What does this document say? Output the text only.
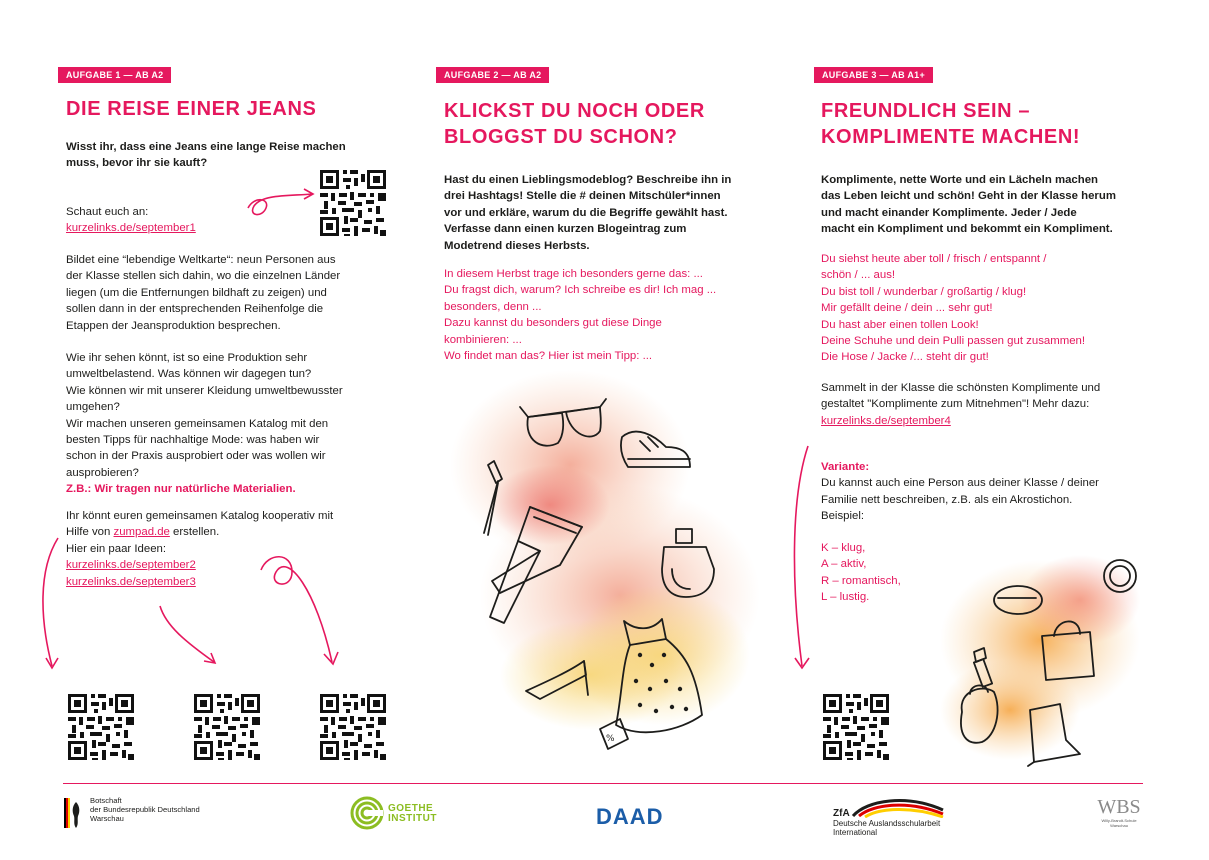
AUFGABE 1 — AB A2
DIE REISE EINER JEANS
Wisst ihr, dass eine Jeans eine lange Reise machen
muss, bevor ihr sie kauft?
Schaut euch an:
kurzelinks.de/september1
Bildet eine “lebendige Weltkarte“: neun Personen aus
der Klasse stellen sich dahin, wo die einzelnen Länder
liegen (um die Entfernungen bildhaft zu zeigen) und
sollen dann in der entsprechenden Reihenfolge die
Etappen der Jeansproduktion besprechen.
Wie ihr sehen könnt, ist so eine Produktion sehr
umweltbelastend. Was können wir dagegen tun?
Wie können wir mit unserer Kleidung umweltbewusster
umgehen?
Wir machen unseren gemeinsamen Katalog mit den
besten Tipps für nachhaltige Mode: was haben wir
schon in der Praxis ausprobiert oder was wollen wir
ausprobieren?
Z.B.: Wir tragen nur natürliche Materialien.
Ihr könnt euren gemeinsamen Katalog kooperativ mit
Hilfe von zumpad.de erstellen.
Hier ein paar Ideen:
kurzelinks.de/september2
kurzelinks.de/september3
AUFGABE 2 — AB A2
KLICKST DU NOCH ODER
BLOGGST DU SCHON?
Hast du einen Lieblingsmodeblog? Beschreibe ihn in
drei Hashtags! Stelle die # deinen Mitschüler*innen
vor und erkläre, warum du die Begriffe gewählt hast.
Verfasse dann einen kurzen Blogeintrag zum
Modetrend dieses Herbsts.
%
In diesem Herbst trage ich besonders gerne das: ...
Du fragst dich, warum? Ich schreibe es dir! Ich mag ...
besonders, denn ...
Dazu kannst du besonders gut diese Dinge
kombinieren: ...
Wo findet man das? Hier ist mein Tipp: ...
AUFGABE 3 — AB A1+
FREUNDLICH SEIN –
KOMPLIMENTE MACHEN!
Komplimente, nette Worte und ein Lächeln machen
das Leben leicht und schön! Geht in der Klasse herum
und macht einander Komplimente. Jeder / Jede
macht ein Kompliment und bekommt ein Kompliment.
Du siehst heute aber toll / frisch / entspannt /
schön / ... aus!
Du bist toll / wunderbar / großartig / klug!
Mir gefällt deine / dein ... sehr gut!
Du hast aber einen tollen Look!
Deine Schuhe und dein Pulli passen gut zusammen!
Die Hose / Jacke /... steht dir gut!
Sammelt in der Klasse die schönsten Komplimente und
gestaltet "Komplimente zum Mitnehmen"! Mehr dazu:
kurzelinks.de/september4
Variante:
Du kannst auch eine Person aus deiner Klasse / deiner
Familie nett beschreiben, z.B. als ein Akrostichon.
Beispiel:
K – klug,
A – aktiv,
R – romantisch,
L – lustig.
Botschaft
der Bundesrepublik Deutschland
Warschau
GOETHE
INSTITUT	DAAD	ZfA
Deutsche Auslandsschularbeit
International
WBS
Willy-Brandt-Schule Warschau
